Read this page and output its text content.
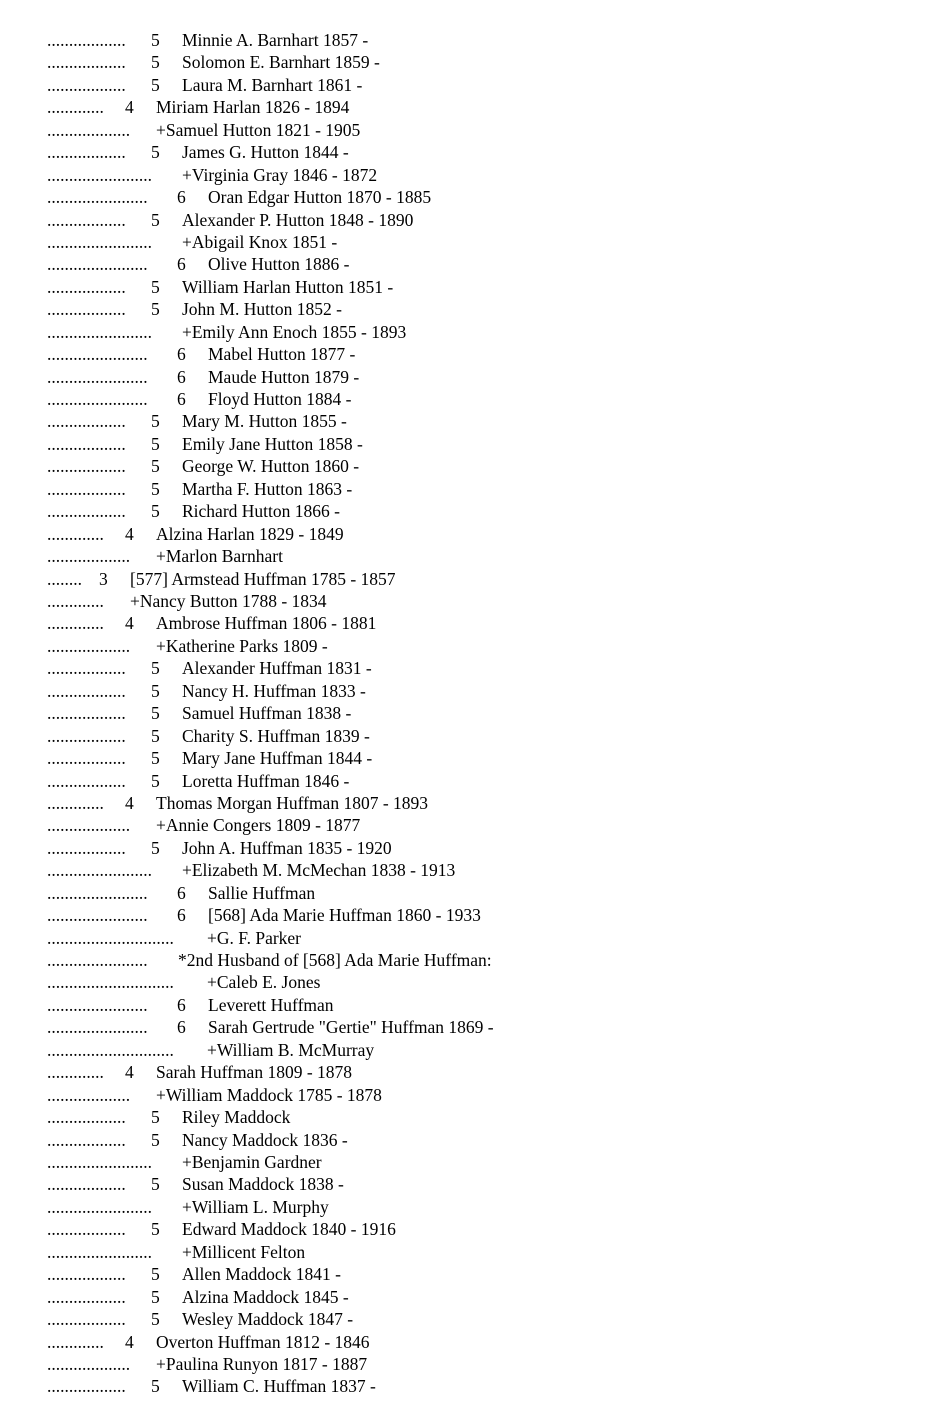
.................. 5 Minnie A. Barnhart 1857 -
.................. 5 Solomon E. Barnhart 1859 -
.................. 5 Laura M. Barnhart 1861 -
............. 4 Miriam Harlan 1826 - 1894
................... +Samuel Hutton 1821 - 1905
.................. 5 James G. Hutton 1844 -
........................ +Virginia Gray 1846 - 1872
....................... 6 Oran Edgar Hutton 1870 - 1885
.................. 5 Alexander P. Hutton 1848 - 1890
........................ +Abigail Knox 1851 -
....................... 6 Olive Hutton 1886 -
.................. 5 William Harlan Hutton 1851 -
.................. 5 John M. Hutton 1852 -
........................ +Emily Ann Enoch 1855 - 1893
....................... 6 Mabel Hutton 1877 -
....................... 6 Maude Hutton 1879 -
....................... 6 Floyd Hutton 1884 -
.................. 5 Mary M. Hutton 1855 -
.................. 5 Emily Jane Hutton 1858 -
.................. 5 George W. Hutton 1860 -
.................. 5 Martha F. Hutton 1863 -
.................. 5 Richard Hutton 1866 -
............. 4 Alzina Harlan 1829 - 1849
................... +Marlon Barnhart
........ 3 [577] Armstead Huffman 1785 - 1857
............. +Nancy Button 1788 - 1834
............. 4 Ambrose Huffman 1806 - 1881
................... +Katherine Parks 1809 -
.................. 5 Alexander Huffman 1831 -
.................. 5 Nancy H. Huffman 1833 -
.................. 5 Samuel Huffman 1838 -
.................. 5 Charity S. Huffman 1839 -
.................. 5 Mary Jane Huffman 1844 -
.................. 5 Loretta Huffman 1846 -
............. 4 Thomas Morgan Huffman 1807 - 1893
................... +Annie Congers 1809 - 1877
.................. 5 John A. Huffman 1835 - 1920
........................ +Elizabeth M. McMechan 1838 - 1913
....................... 6 Sallie Huffman
....................... 6 [568] Ada Marie Huffman 1860 - 1933
............................. +G. F. Parker
....................... *2nd Husband of [568] Ada Marie Huffman:
............................. +Caleb E. Jones
....................... 6 Leverett Huffman
....................... 6 Sarah Gertrude "Gertie" Huffman 1869 -
............................. +William B. McMurray
............. 4 Sarah Huffman 1809 - 1878
................... +William Maddock 1785 - 1878
.................. 5 Riley Maddock
.................. 5 Nancy Maddock 1836 -
........................ +Benjamin Gardner
.................. 5 Susan Maddock 1838 -
........................ +William L. Murphy
.................. 5 Edward Maddock 1840 - 1916
........................ +Millicent Felton
.................. 5 Allen Maddock 1841 -
.................. 5 Alzina Maddock 1845 -
.................. 5 Wesley Maddock 1847 -
............. 4 Overton Huffman 1812 - 1846
................... +Paulina Runyon 1817 - 1887
.................. 5 William C. Huffman 1837 -
